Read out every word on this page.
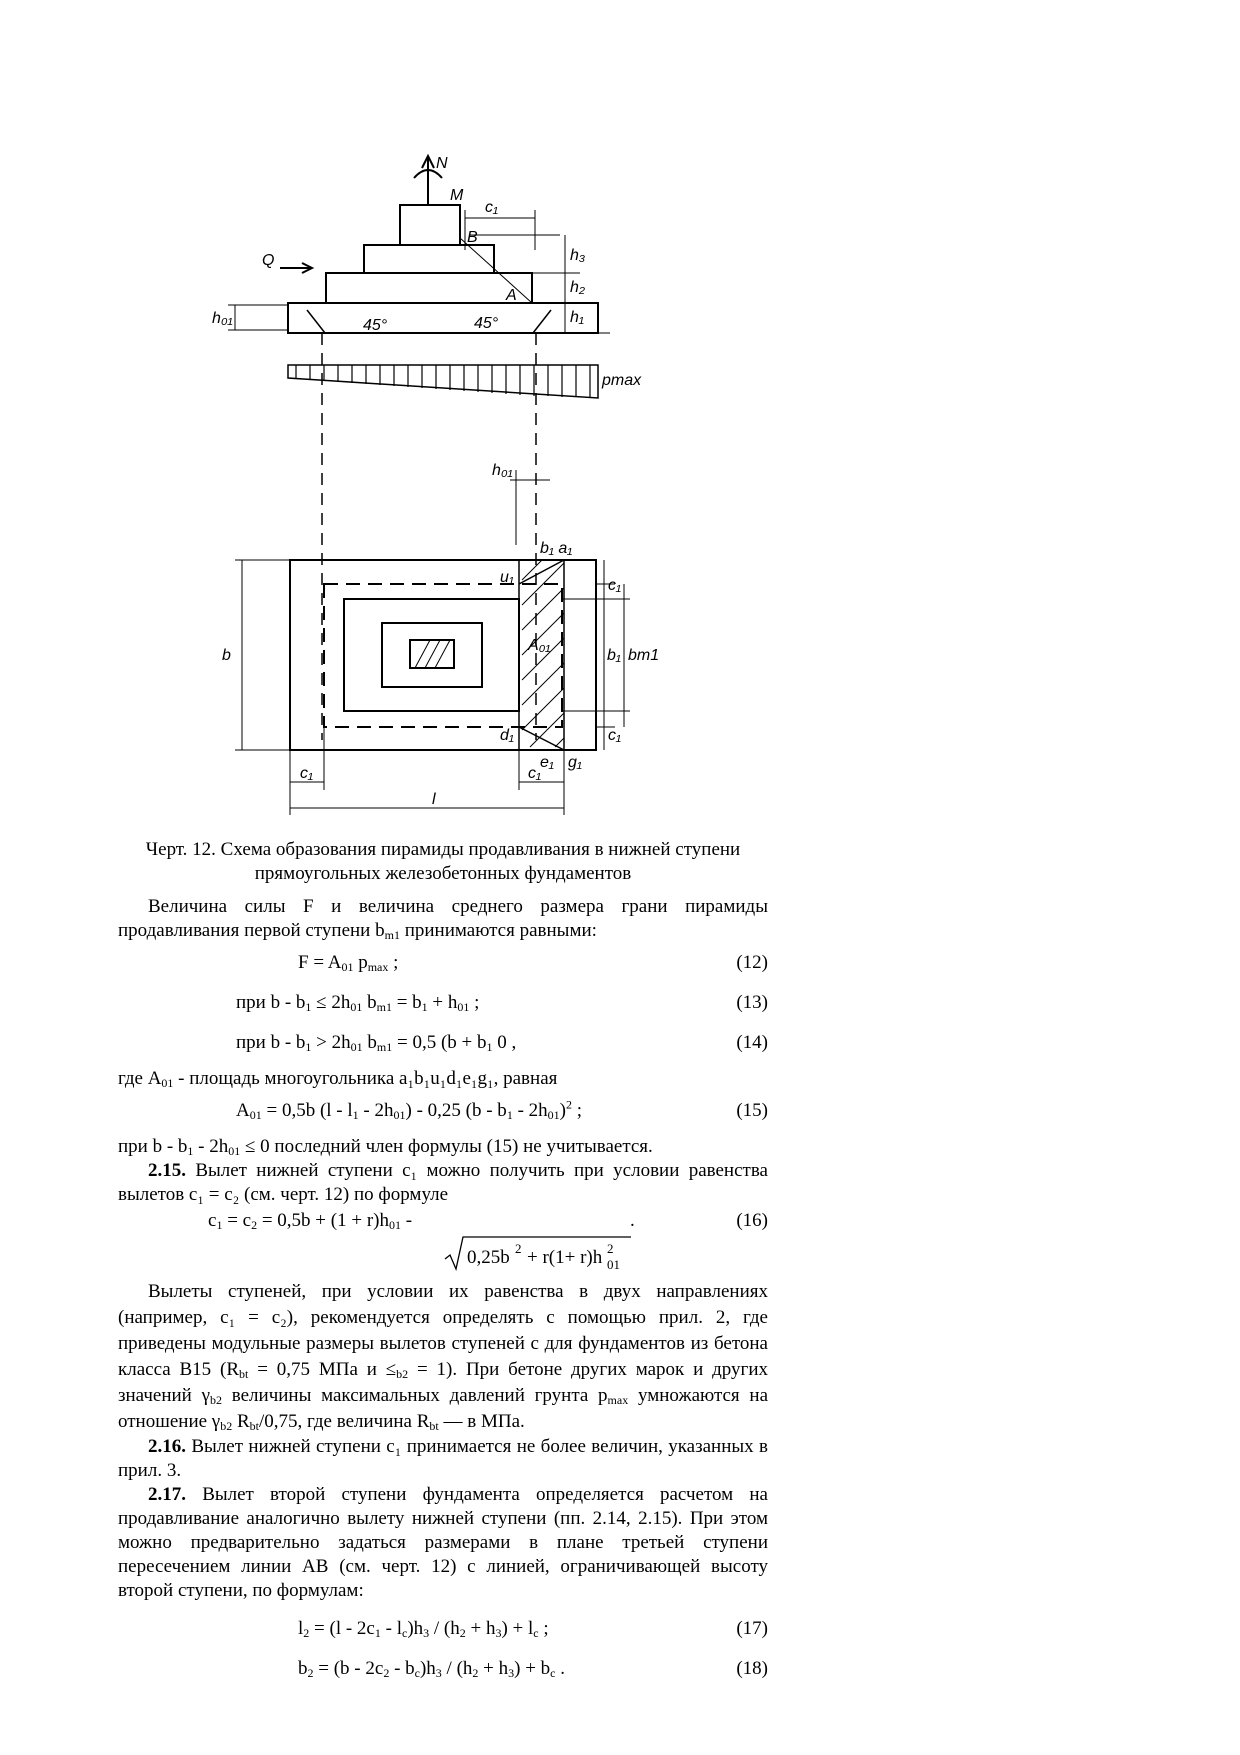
N
M
Q
45°	45°
B
A
c₁
h₃
h₂
h₁
h₀₁
h₀₁
pmax
b₁ a₁
u₁
A₀₁
d₁
e₁ g₁
c₁
b₁ bm1
c₁
b
c₁	c₁
l
Черт. 12. Схема образования пирамиды продавливания в нижней ступени
прямоугольных железобетонных фундаментов

Величина силы F и величина среднего размера грани пирамиды продавливания первой ступени $b_{m1}$ принимаются равными:

$F = A_{01}$ $p_{max}$ ;	(12)
при $b - b_1 \le 2h_{01}$ $b_{m1} = b_1 + h_{01}$ ;	(13)
при $b - b_1 > 2h_{01}$ $b_{m1} = 0,5$ ($b + b_1$ 0 ,	(14)

где $A_{01}$ - площадь многоугольника a₁b₁u₁d₁e₁g₁, равная

$A_{01} = 0,5b$ $(l - l_1 - 2h_{01}) - 0,25$ $(b - b_1 - 2h_{01})^2$ ;	(15)

при $b - b_1 - 2h_{01} \le 0$ последний член формулы (15) не учитывается.

2.15. Вылет нижней ступени c₁ можно получить при условии равенства вылетов c₁ = c₂ (см. черт. 12) по формуле

$c_1 = c_2 = 0,5b + (1 + r)h_{01}$ -	.	(16)
0,25b 2 + r(1+ r)h 2
01

Вылеты ступеней, при условии их равенства в двух направлениях (например, c₁ = c₂), рекомендуется определять с помощью прил. 2, где приведены модульные размеры вылетов ступеней с для фундаментов из бетона класса В15 ($R_{bt} = 0,75$ МПа $и \le_{b2} = 1$). При бетоне других марок и других значений $\gamma_{b2}$ величины максимальных давлений грунта $p_{max}$ умножаются на отношение $\gamma_{b2}$ $R_{bt}/0,75$, где величина $R_{bt}$ — в МПа.

2.16. Вылет нижней ступени c₁ принимается не более величин, указанных в прил. 3.

2.17. Вылет второй ступени фундамента определяется расчетом на продавливание аналогично вылету нижней ступени (пп. 2.14, 2.15). При этом можно предварительно задаться размерами в плане третьей ступени пересечением линии AB (см. черт. 12) с линией, ограничивающей высоту второй ступени, по формулам:

$l_2 = (l - 2c_1 - l_c)h_3 / (h_2 + h_3) + l_c$ ;	(17)
$b_2 = (b - 2c_2 - b_c)h_3 / (h_2 + h_3) + b_c$ .	(18)
